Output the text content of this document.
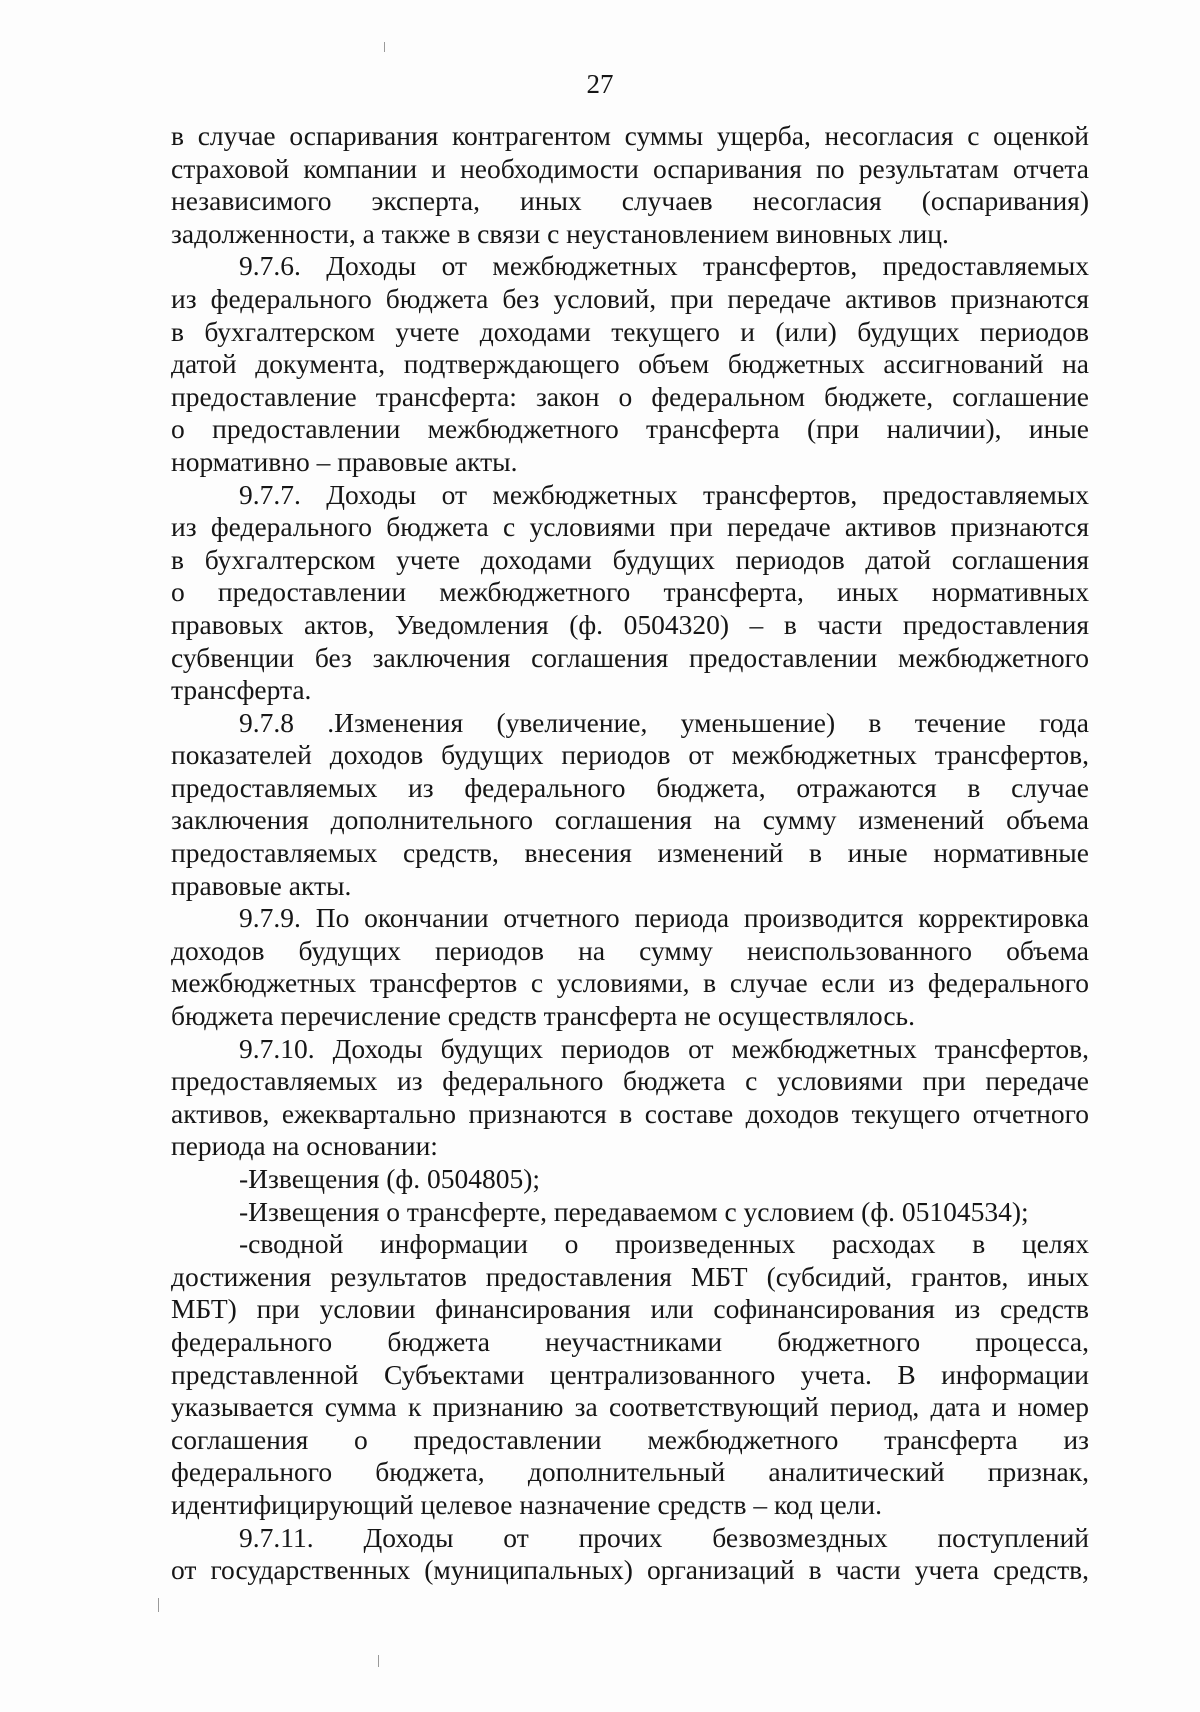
27
в случае оспаривания контрагентом суммы ущерба, несогласия с оценкой
страховой компании и необходимости оспаривания по результатам отчета
независимого эксперта, иных случаев несогласия (оспаривания)
задолженности, а также в связи с неустановлением виновных лиц.
9.7.6. Доходы от межбюджетных трансфертов, предоставляемых
из федерального бюджета без условий, при передаче активов признаются
в бухгалтерском учете доходами текущего и (или) будущих периодов
датой документа, подтверждающего объем бюджетных ассигнований на
предоставление трансферта: закон о федеральном бюджете, соглашение
о предоставлении межбюджетного трансферта (при наличии), иные
нормативно – правовые акты.
9.7.7. Доходы от межбюджетных трансфертов, предоставляемых
из федерального бюджета с условиями при передаче активов признаются
в бухгалтерском учете доходами будущих периодов датой соглашения
о предоставлении межбюджетного трансферта, иных нормативных
правовых актов, Уведомления (ф. 0504320) – в части предоставления
субвенции без заключения соглашения предоставлении межбюджетного
трансферта.
9.7.8 .Изменения (увеличение, уменьшение) в течение года
показателей доходов будущих периодов от межбюджетных трансфертов,
предоставляемых из федерального бюджета, отражаются в случае
заключения дополнительного соглашения на сумму изменений объема
предоставляемых средств, внесения изменений в иные нормативные
правовые акты.
9.7.9. По окончании отчетного периода производится корректировка
доходов будущих периодов на сумму неиспользованного объема
межбюджетных трансфертов с условиями, в случае если из федерального
бюджета перечисление средств трансферта не осуществлялось.
9.7.10. Доходы будущих периодов от межбюджетных трансфертов,
предоставляемых из федерального бюджета с условиями при передаче
активов, ежеквартально признаются в составе доходов текущего отчетного
периода на основании:
-Извещения (ф. 0504805);
-Извещения о трансферте, передаваемом с условием (ф. 05104534);
-сводной информации о произведенных расходах в целях
достижения результатов предоставления МБТ (субсидий, грантов, иных
МБТ) при условии финансирования или софинансирования из средств
федерального бюджета неучастниками бюджетного процесса,
представленной Субъектами централизованного учета. В информации
указывается сумма к признанию за соответствующий период, дата и номер
соглашения о предоставлении межбюджетного трансферта из
федерального бюджета, дополнительный аналитический признак,
идентифицирующий целевое назначение средств – код цели.
9.7.11. Доходы от прочих безвозмездных поступлений
от государственных (муниципальных) организаций в части учета средств,
